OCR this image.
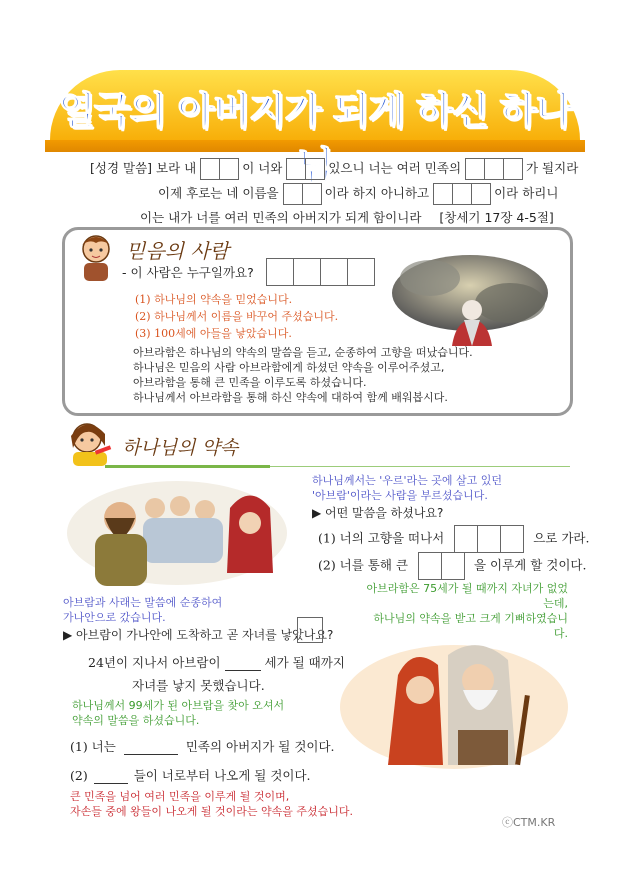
열국의 아버지가 되게 하신 하나님
[성경 말씀] 보라 내	이 너와	있으니 너는 여러 민족의	가 될지라
이제 후로는 네 이름을	이라 하지 아니하고	이라 하리니
이는 내가 너를 여러 민족의 아버지가 되게 함이니라 [창세기 17장 4-5절]
믿음의 사람
- 이 사람은 누구일까요?
(1) 하나님의 약속을 믿었습니다.
(2) 하나님께서 이름을 바꾸어 주셨습니다.
(3) 100세에 아들을 낳았습니다.
아브라함은 하나님의 약속의 말씀을 듣고, 순종하여 고향을 떠났습니다.
하나님은 믿음의 사람 아브라함에게 하셨던 약속을 이루어주셨고,
아브라함을 통해 큰 민족을 이루도록 하셨습니다.
하나님께서 아브라함을 통해 하신 약속에 대하여 함께 배워봅시다.
하나님의 약속
하나님께서는 '우르'라는 곳에 살고 있던
'아브람'이라는 사람을 부르셨습니다.
▶ 어떤 말씀을 하셨나요?
(1) 너의 고향을 떠나서	으로 가라.
(2) 너를 통해 큰	을 이루게 할 것이다.
아브라함은 75세가 될 때까지 자녀가 없었는데,
하나님의 약속을 받고 크게 기뻐하였습니다.
아브람과 사래는 말씀에 순종하여
가나안으로 갔습니다.
▶ 아브람이 가나안에 도착하고 곧 자녀를 낳았나요?
24년이 지나서 아브람이	세가 될 때까지
자녀를 낳지 못했습니다.
하나님께서 99세가 된 아브람을 찾아 오셔서
약속의 말씀을 하셨습니다.
(1) 너는	민족의 아버지가 될 것이다.
(2)	들이 너로부터 나오게 될 것이다.
큰 민족을 넘어 여러 민족을 이루게 될 것이며,
자손들 중에 왕들이 나오게 될 것이라는 약속을 주셨습니다.
ⓒCTM.KR
